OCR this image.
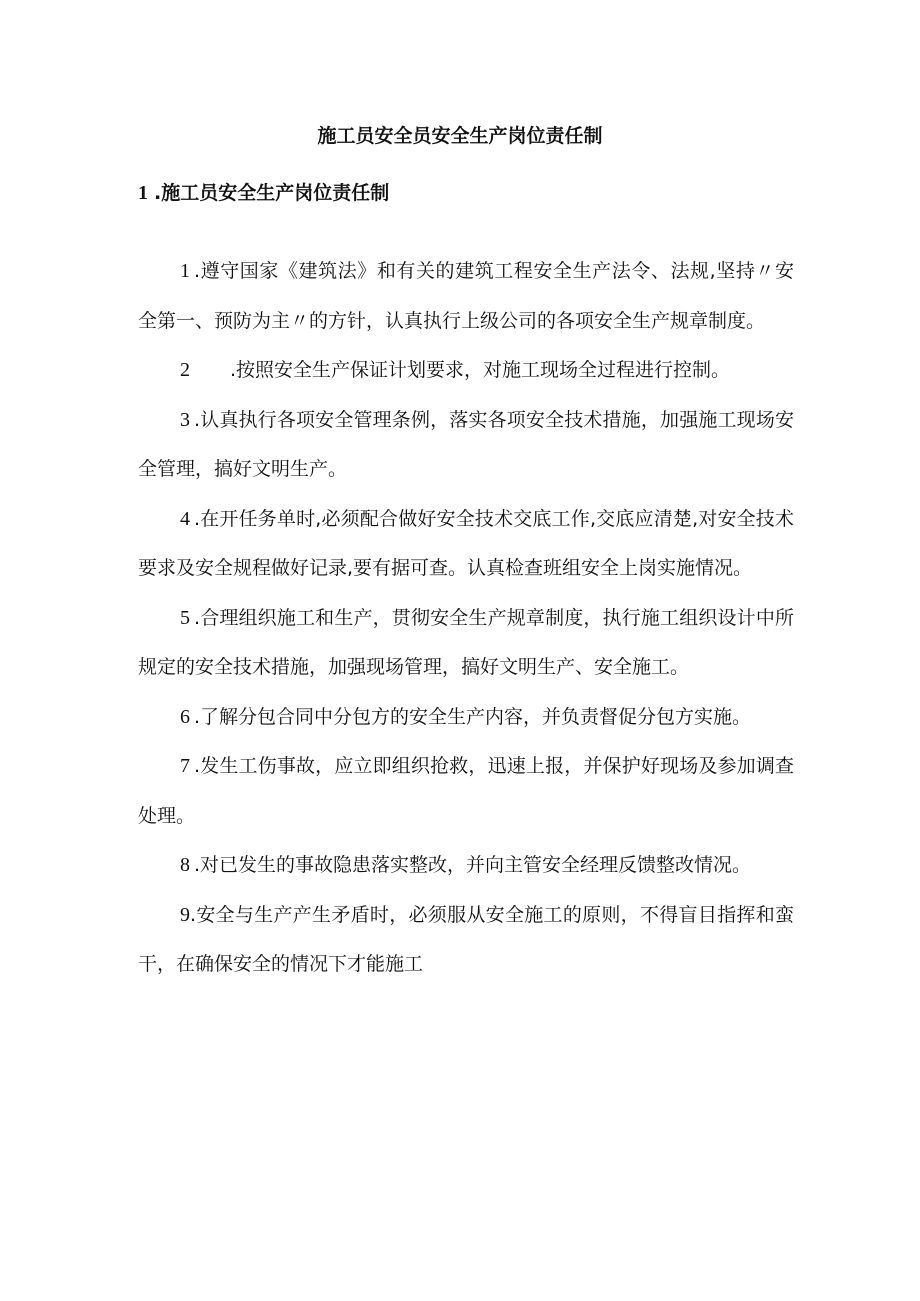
施工员安全员安全生产岗位责任制
1 .施工员安全生产岗位责任制

1 .遵守国家《建筑法》和有关的建筑工程安全生产法令、法规,坚持〃安全第一、预防为主〃的方针，认真执行上级公司的各项安全生产规章制度。

2 .按照安全生产保证计划要求，对施工现场全过程进行控制。

3 .认真执行各项安全管理条例，落实各项安全技术措施，加强施工现场安全管理，搞好文明生产。

4 .在开任务单时,必须配合做好安全技术交底工作,交底应清楚,对安全技术要求及安全规程做好记录,要有据可查。认真检查班组安全上岗实施情况。

5 .合理组织施工和生产，贯彻安全生产规章制度，执行施工组织设计中所规定的安全技术措施，加强现场管理，搞好文明生产、安全施工。

6 .了解分包合同中分包方的安全生产内容，并负责督促分包方实施。

7 .发生工伤事故，应立即组织抢救，迅速上报，并保护好现场及参加调查处理。

8 .对已发生的事故隐患落实整改，并向主管安全经理反馈整改情况。

9.安全与生产产生矛盾时，必须服从安全施工的原则，不得盲目指挥和蛮干，在确保安全的情况下才能施工
